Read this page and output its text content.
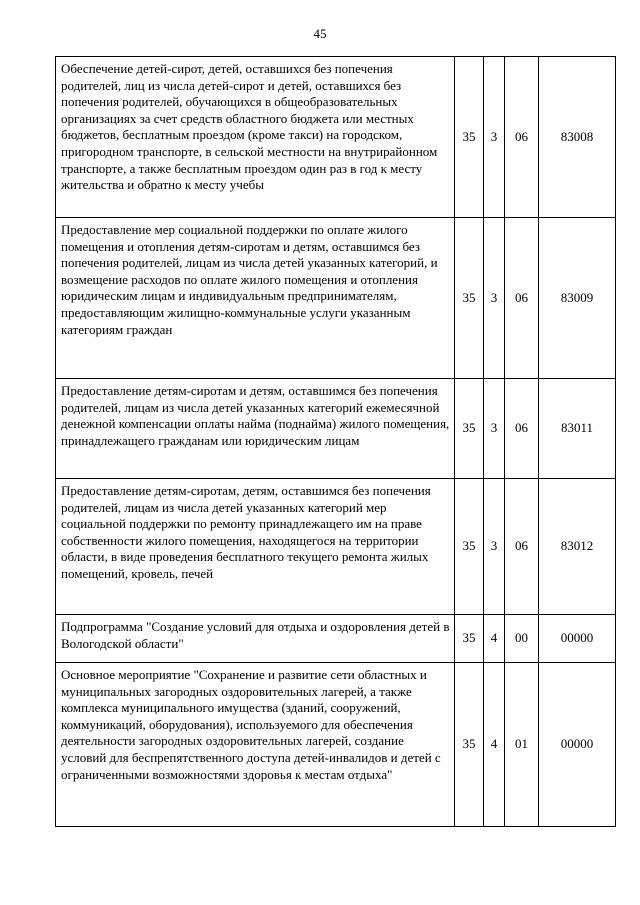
45
Обеспечение детей-сирот, детей, оставшихся без попечения родителей, лиц из числа детей-сирот и детей, оставшихся без попечения родителей, обучающихся в общеобразовательных организациях за счет средств областного бюджета или местных бюджетов, бесплатным проездом (кроме такси) на городском, пригородном транспорте, в сельской местности на внутрирайонном транспорте, а также бесплатным проездом один раз в год к месту жительства и обратно к месту учебы	35	3	06	83008
Предоставление мер социальной поддержки по оплате жилого помещения и отопления детям-сиротам и детям, оставшимся без попечения родителей, лицам из числа детей указанных категорий, и возмещение расходов по оплате жилого помещения и отопления юридическим лицам и индивидуальным предпринимателям, предоставляющим жилищно-коммунальные услуги указанным категориям граждан	35	3	06	83009
Предоставление детям-сиротам и детям, оставшимся без попечения родителей, лицам из числа детей указанных категорий ежемесячной денежной компенсации оплаты найма (поднайма) жилого помещения, принадлежащего гражданам или юридическим лицам	35	3	06	83011
Предоставление детям-сиротам, детям, оставшимся без попечения родителей, лицам из числа детей указанных категорий мер социальной поддержки по ремонту принадлежащего им на праве собственности жилого помещения, находящегося на территории области, в виде проведения бесплатного текущего ремонта жилых помещений, кровель, печей	35	3	06	83012
Подпрограмма "Создание условий для отдыха и оздоровления детей в Вологодской области"	35	4	00	00000
Основное мероприятие "Сохранение и развитие сети областных и муниципальных загородных оздоровительных лагерей, а также комплекса муниципального имущества (зданий, сооружений, коммуникаций, оборудования), используемого для обеспечения деятельности загородных оздоровительных лагерей, создание условий для беспрепятственного доступа детей-инвалидов и детей с ограниченными возможностями здоровья к местам отдыха"	35	4	01	00000
